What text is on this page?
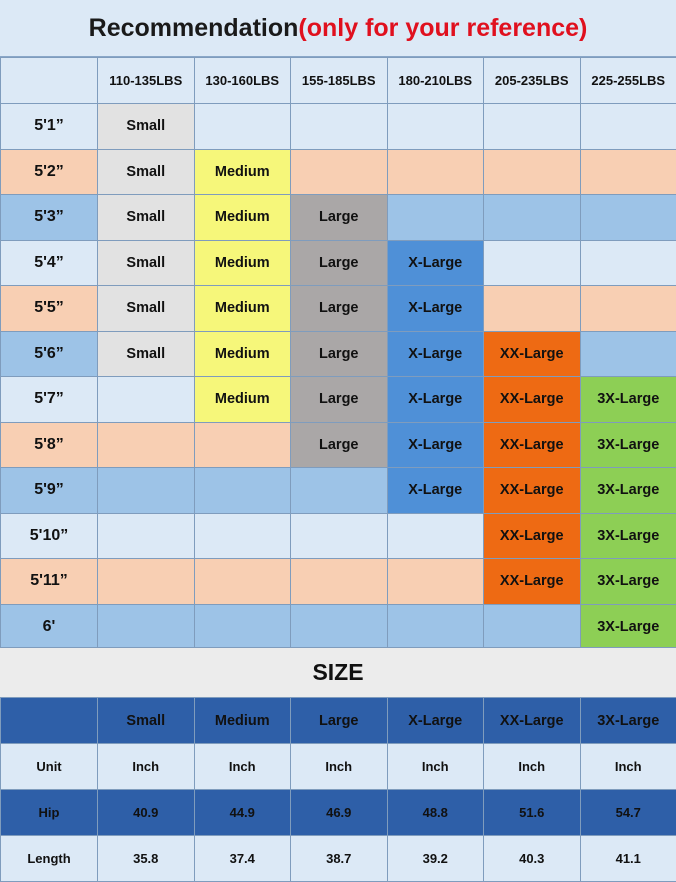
Recommendation (only for your reference)
	110-135LBS	130-160LBS	155-185LBS	180-210LBS	205-235LBS	225-255LBS
5'1”	Small					
5'2”	Small	Medium				
5'3”	Small	Medium	Large			
5'4”	Small	Medium	Large	X-Large		
5'5”	Small	Medium	Large	X-Large		
5'6”	Small	Medium	Large	X-Large	XX-Large	
5'7”		Medium	Large	X-Large	XX-Large	3X-Large
5'8”			Large	X-Large	XX-Large	3X-Large
5'9”				X-Large	XX-Large	3X-Large
5'10”					XX-Large	3X-Large
5'11”					XX-Large	3X-Large
6'						3X-Large
SIZE
	Small	Medium	Large	X-Large	XX-Large	3X-Large
Unit	Inch	Inch	Inch	Inch	Inch	Inch
Hip	40.9	44.9	46.9	48.8	51.6	54.7
Length	35.8	37.4	38.7	39.2	40.3	41.1
